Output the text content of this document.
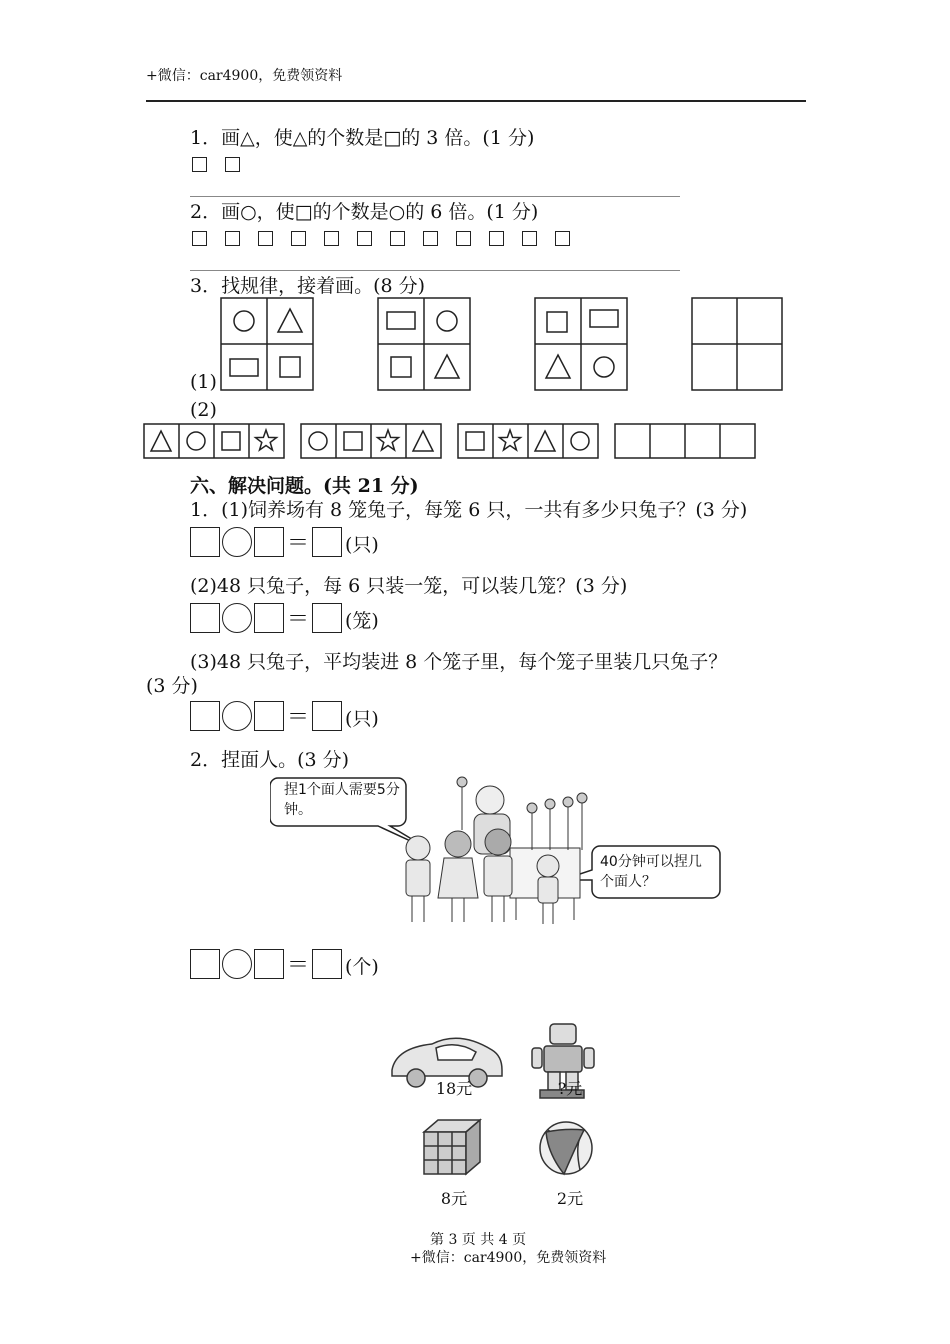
+微信：car4900，免费领资料
1．画△，使△的个数是□的 3 倍。(1 分)
2．画○，使□的个数是○的 6 倍。(1 分)
3．找规律，接着画。(8 分)
(1)
(2)
六、解决问题。(共 21 分)
1．(1)饲养场有 8 笼兔子，每笼 6 只，一共有多少只兔子？(3 分)
＝ (只)
(2)48 只兔子，每 6 只装一笼，可以装几笼？(3 分)
＝ (笼)
(3)48 只兔子，平均装进 8 个笼子里，每个笼子里装几只兔子？
(3 分)
＝ (只)
2．捏面人。(3 分)
捏1个面人需要5分钟。
40分钟可以捏几个面人？
＝ (个)
18元	?元
8元	2元
第 3 页 共 4 页
+微信：car4900，免费领资料
